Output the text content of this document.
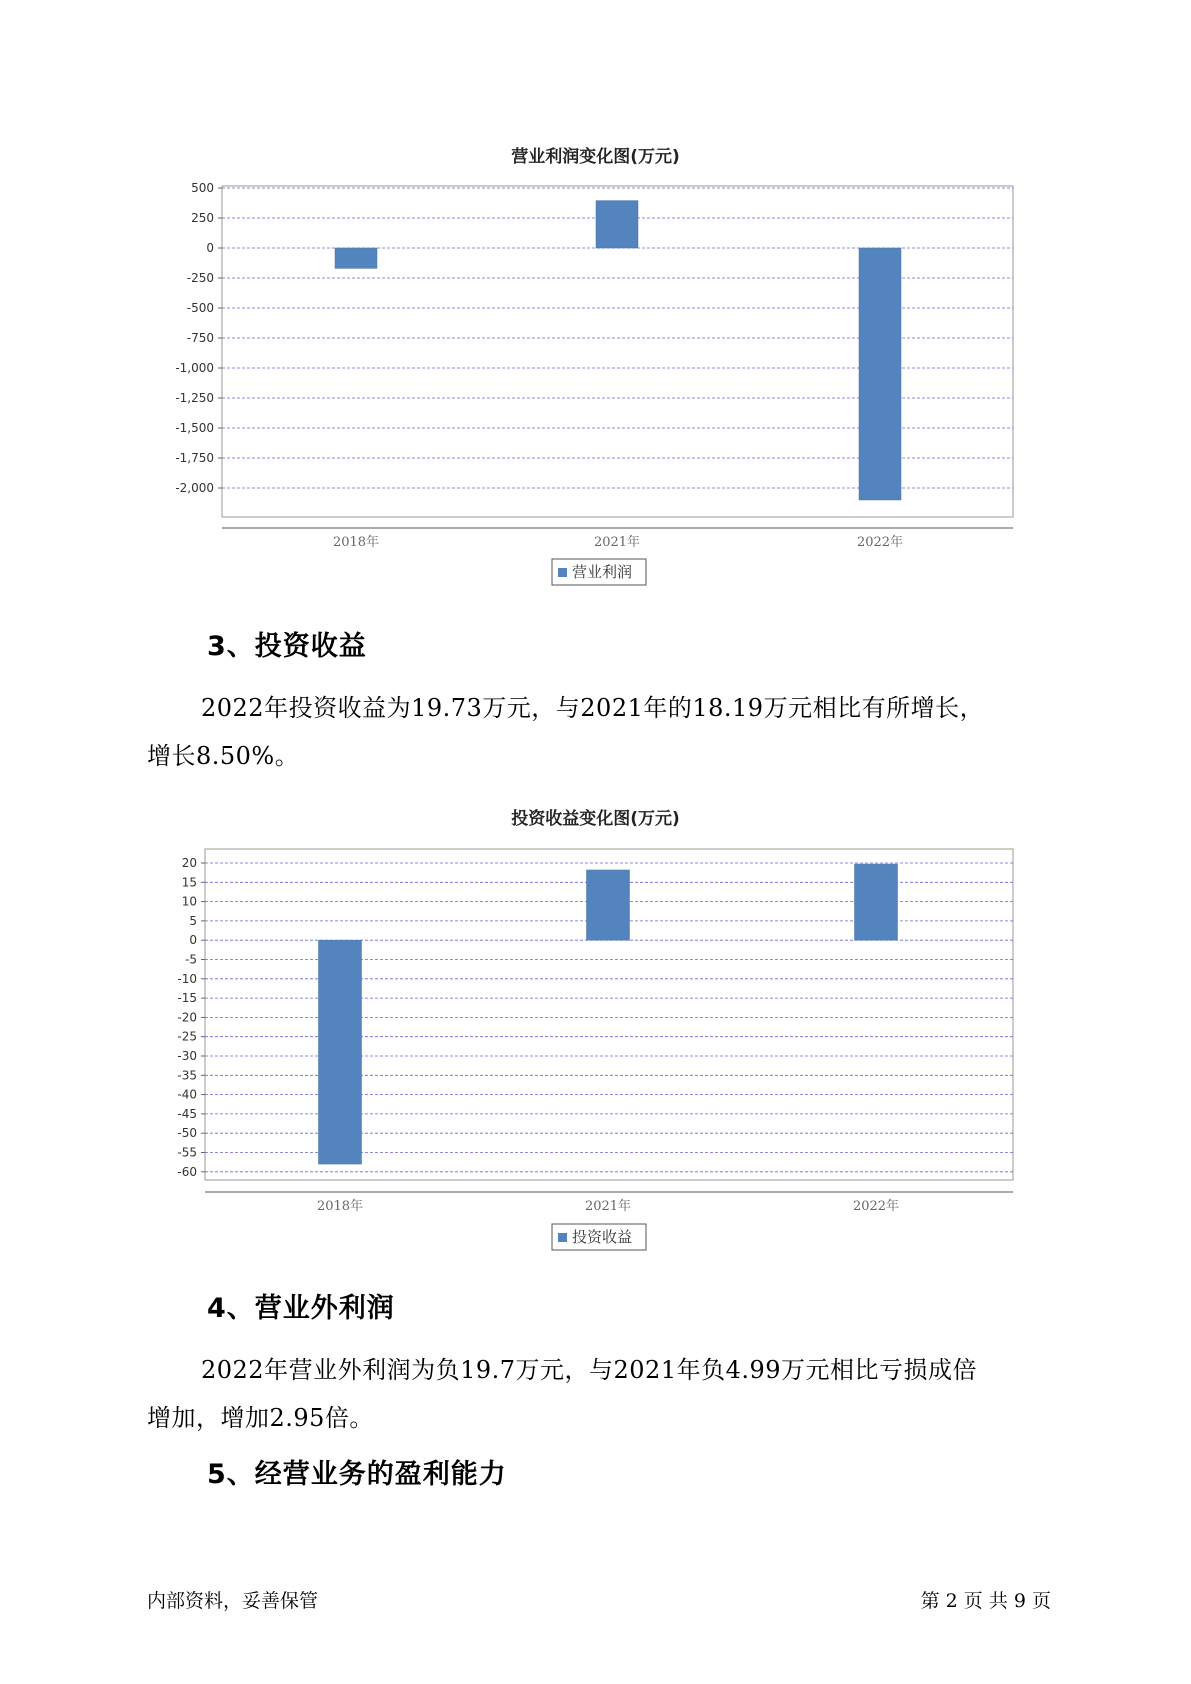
营业利润变化图(万元)
500
250
0
-250
-500
-750
-1,000
-1,250
-1,500
-1,750
-2,000
2018年	2021年	2022年
营业利润
3、投资收益
2022年投资收益为19.73万元，与2021年的18.19万元相比有所增长，
增长8.50%。
投资收益变化图(万元)
20
15
10
5
0
-5
-10
-15
-20
-25
-30
-35
-40
-45
-50
-55
-60
2018年	2021年	2022年
投资收益
4、营业外利润
2022年营业外利润为负19.7万元，与2021年负4.99万元相比亏损成倍
增加，增加2.95倍。
5、经营业务的盈利能力
内部资料，妥善保管	第 2 页 共 9 页
